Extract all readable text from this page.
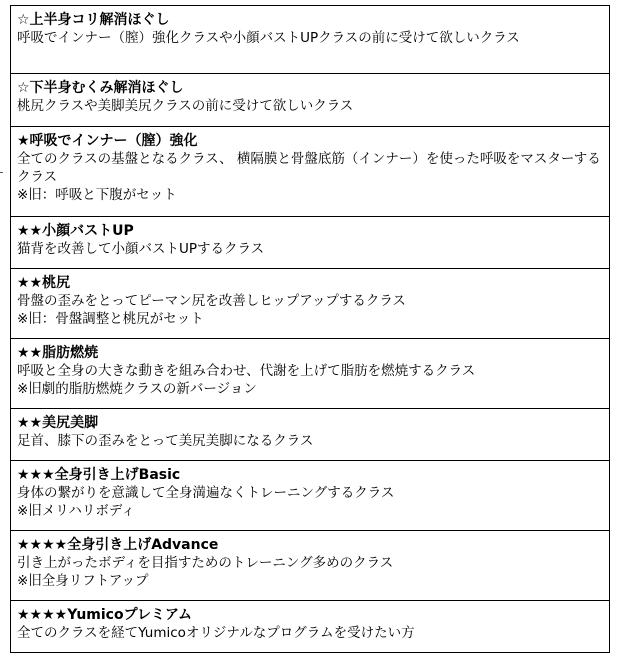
☆上半身コリ解消ほぐし
呼吸でインナー（膣）強化クラスや小顔バストUPクラスの前に受けて欲しいクラス
☆下半身むくみ解消ほぐし
桃尻クラスや美脚美尻クラスの前に受けて欲しいクラス
★呼吸でインナー（膣）強化
全てのクラスの基盤となるクラス、 横隔膜と骨盤底筋（インナー）を使った呼吸をマスターするクラス
※旧：呼吸と下腹がセット
★★小顔バストUP
猫背を改善して小顔バストUPするクラス
★★桃尻
骨盤の歪みをとってピーマン尻を改善しヒップアップするクラス
※旧：骨盤調整と桃尻がセット
★★脂肪燃焼
呼吸と全身の大きな動きを組み合わせ、代謝を上げて脂肪を燃焼するクラス
※旧劇的脂肪燃焼クラスの新バージョン
★★美尻美脚
足首、膝下の歪みをとって美尻美脚になるクラス
★★★全身引き上げBasic
身体の繋がりを意識して全身満遍なくトレーニングするクラス
※旧メリハリボディ
★★★★全身引き上げAdvance
引き上がったボディを目指すためのトレーニング多めのクラス
※旧全身リフトアップ
★★★★Yumicoプレミアム
全てのクラスを経てYumicoオリジナルなプログラムを受けたい方
